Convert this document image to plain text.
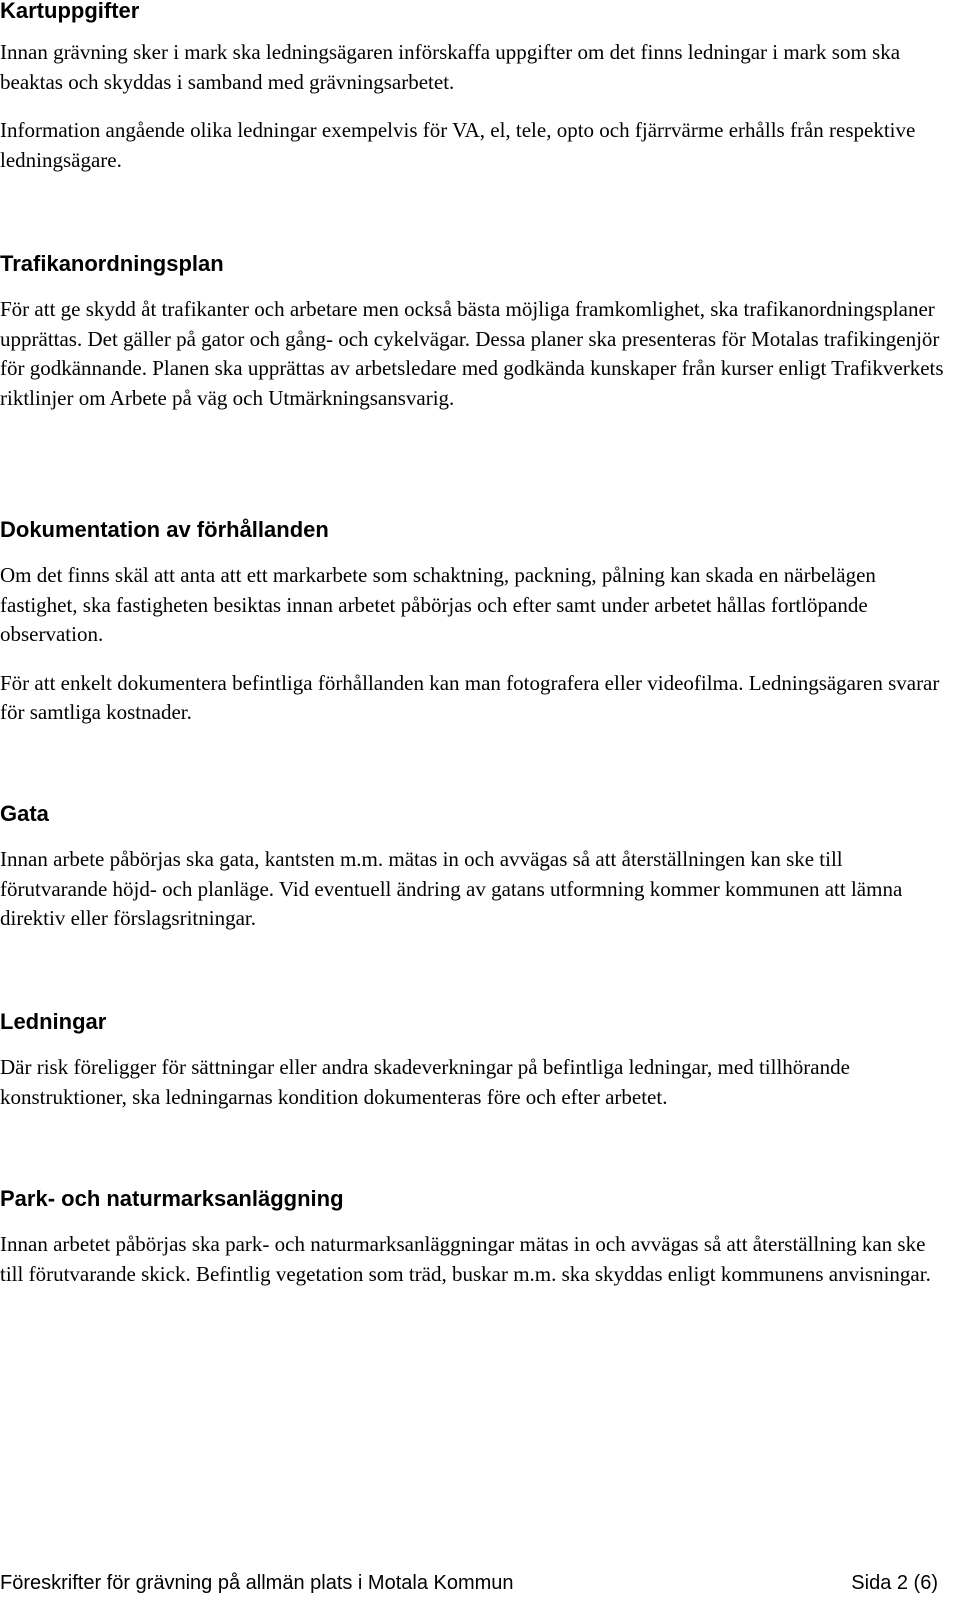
Kartuppgifter

Innan grävning sker i mark ska ledningsägaren införskaffa uppgifter om det finns ledningar i mark som ska beaktas och skyddas i samband med grävningsarbetet.

Information angående olika ledningar exempelvis för VA, el, tele, opto och fjärrvärme erhålls från respektive ledningsägare.

Trafikanordningsplan

För att ge skydd åt trafikanter och arbetare men också bästa möjliga framkomlighet, ska trafikanordningsplaner upprättas. Det gäller på gator och gång- och cykelvägar. Dessa planer ska presenteras för Motalas trafikingenjör för godkännande. Planen ska upprättas av arbetsledare med godkända kunskaper från kurser enligt Trafikverkets riktlinjer om Arbete på väg och Utmärkningsansvarig.

Dokumentation av förhållanden

Om det finns skäl att anta att ett markarbete som schaktning, packning, pålning kan skada en närbelägen fastighet, ska fastigheten besiktas innan arbetet påbörjas och efter samt under arbetet hållas fortlöpande observation.

För att enkelt dokumentera befintliga förhållanden kan man fotografera eller videofilma. Ledningsägaren svarar för samtliga kostnader.

Gata

Innan arbete påbörjas ska gata, kantsten m.m. mätas in och avvägas så att återställningen kan ske till förutvarande höjd- och planläge. Vid eventuell ändring av gatans utformning kommer kommunen att lämna direktiv eller förslagsritningar.

Ledningar

Där risk föreligger för sättningar eller andra skadeverkningar på befintliga ledningar, med tillhörande konstruktioner, ska ledningarnas kondition dokumenteras före och efter arbetet.

Park- och naturmarksanläggning

Innan arbetet påbörjas ska park- och naturmarksanläggningar mätas in och avvägas så att återställning kan ske till förutvarande skick. Befintlig vegetation som träd, buskar m.m. ska skyddas enligt kommunens anvisningar.

Föreskrifter för grävning på allmän plats i Motala Kommun	Sida 2 (6)
